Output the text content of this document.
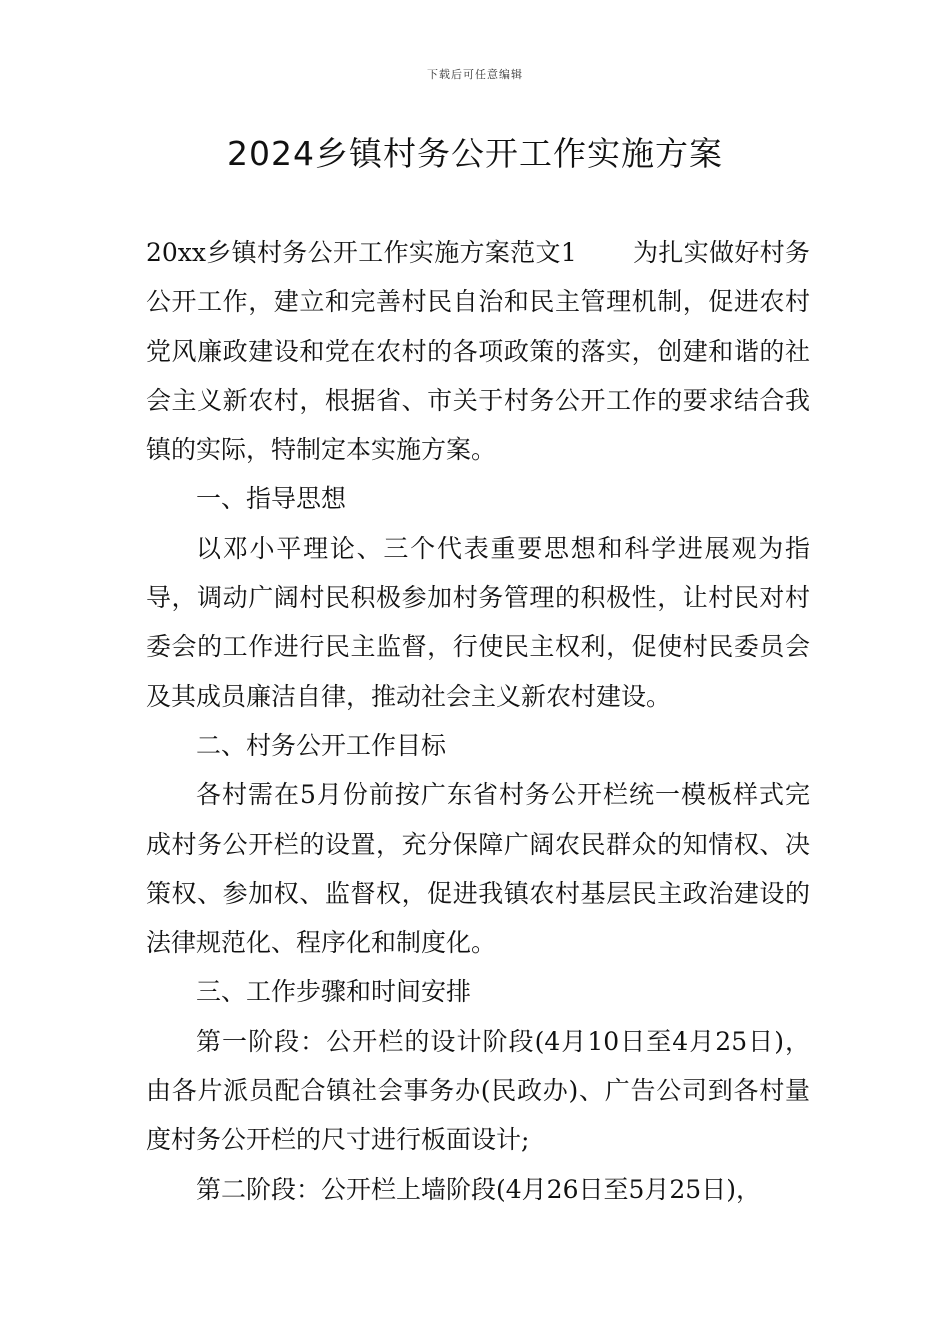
下载后可任意编辑
2024乡镇村务公开工作实施方案

20xx乡镇村务公开工作实施方案范文1 为扎实做好村务公开工作，建立和完善村民自治和民主管理机制，促进农村党风廉政建设和党在农村的各项政策的落实，创建和谐的社会主义新农村，根据省、市关于村务公开工作的要求结合我镇的实际，特制定本实施方案。

一、指导思想

以邓小平理论、三个代表重要思想和科学进展观为指导，调动广阔村民积极参加村务管理的积极性，让村民对村委会的工作进行民主监督，行使民主权利，促使村民委员会及其成员廉洁自律，推动社会主义新农村建设。

二、村务公开工作目标

各村需在5月份前按广东省村务公开栏统一模板样式完成村务公开栏的设置，充分保障广阔农民群众的知情权、决策权、参加权、监督权，促进我镇农村基层民主政治建设的法律规范化、程序化和制度化。

三、工作步骤和时间安排

第一阶段：公开栏的设计阶段(4月10日至4月25日)，由各片派员配合镇社会事务办(民政办)、广告公司到各村量度村务公开栏的尺寸进行板面设计;

第二阶段：公开栏上墙阶段(4月26日至5月25日)，
